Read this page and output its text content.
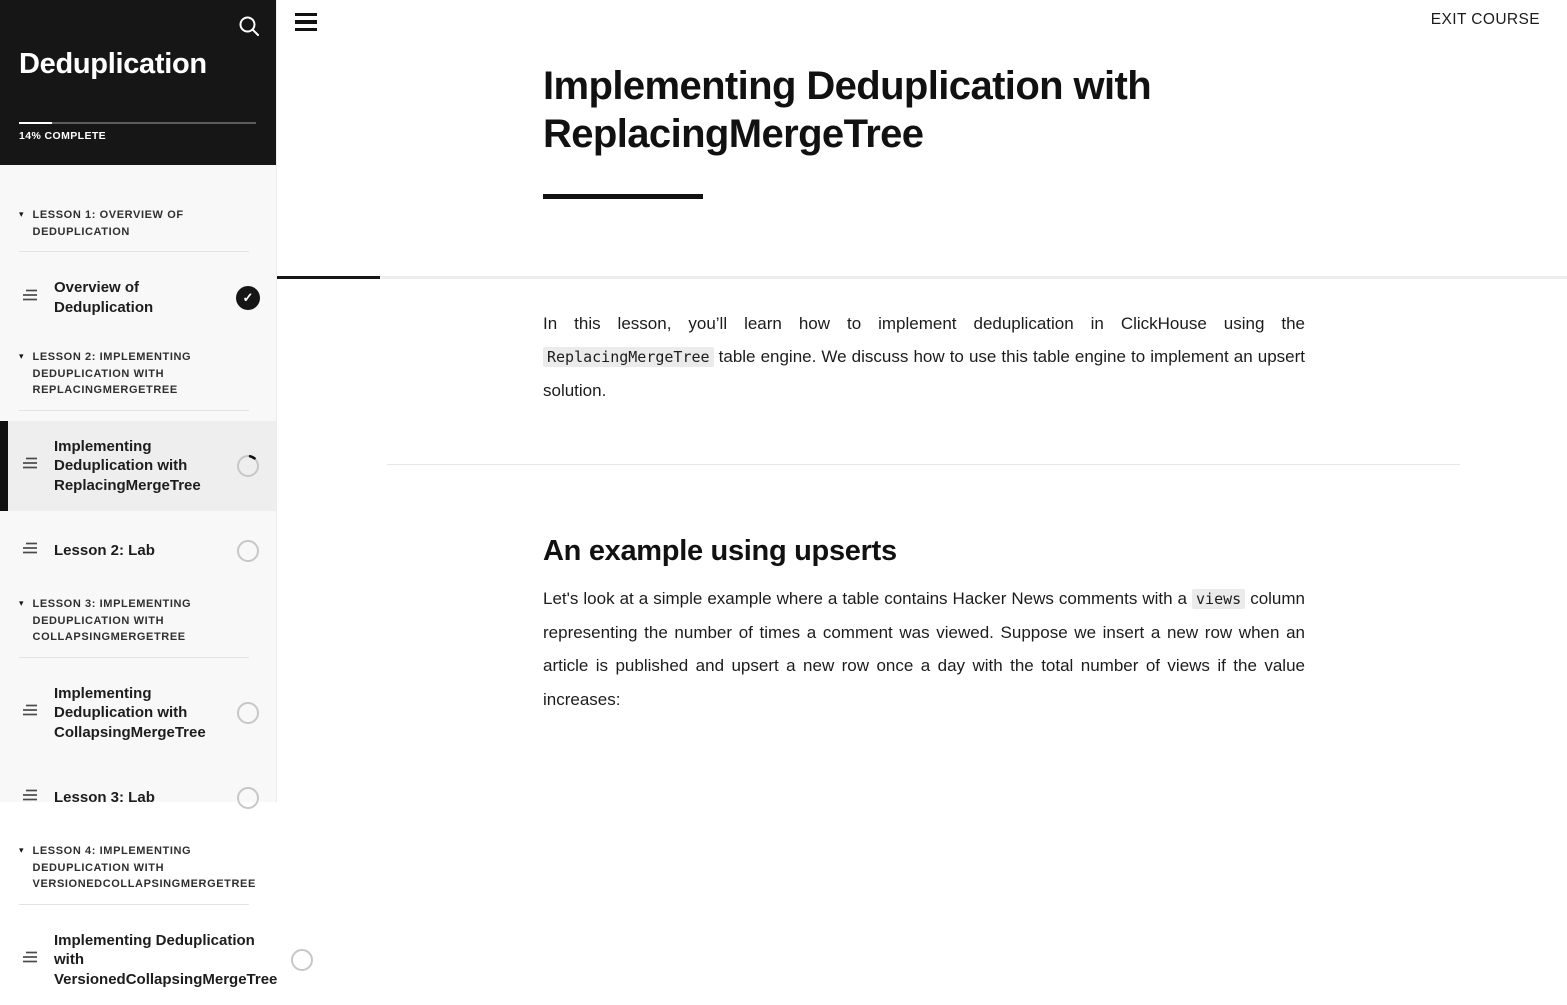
Deduplication
14% COMPLETE
▾ LESSON 1: OVERVIEW OF DEDUPLICATION
Overview of Deduplication
✓
▾ LESSON 2: IMPLEMENTING DEDUPLICATION WITH REPLACINGMERGETREE
Implementing Deduplication with ReplacingMergeTree
Lesson 2: Lab
▾ LESSON 3: IMPLEMENTING DEDUPLICATION WITH COLLAPSINGMERGETREE
Implementing Deduplication with CollapsingMergeTree
Lesson 3: Lab
▾ LESSON 4: IMPLEMENTING DEDUPLICATION WITH VERSIONEDCOLLAPSINGMERGETREE
Implementing Deduplication with VersionedCollapsingMergeTree
EXIT COURSE
Implementing Deduplication with ReplacingMergeTree

In this lesson, you’ll learn how to implement deduplication in ClickHouse using the ReplacingMergeTree table engine. We discuss how to use this table engine to implement an upsert solution.

An example using upserts

Let's look at a simple example where a table contains Hacker News comments with a views column representing the number of times a comment was viewed. Suppose we insert a new row when an article is published and upsert a new row once a day with the total number of views if the value increases:
